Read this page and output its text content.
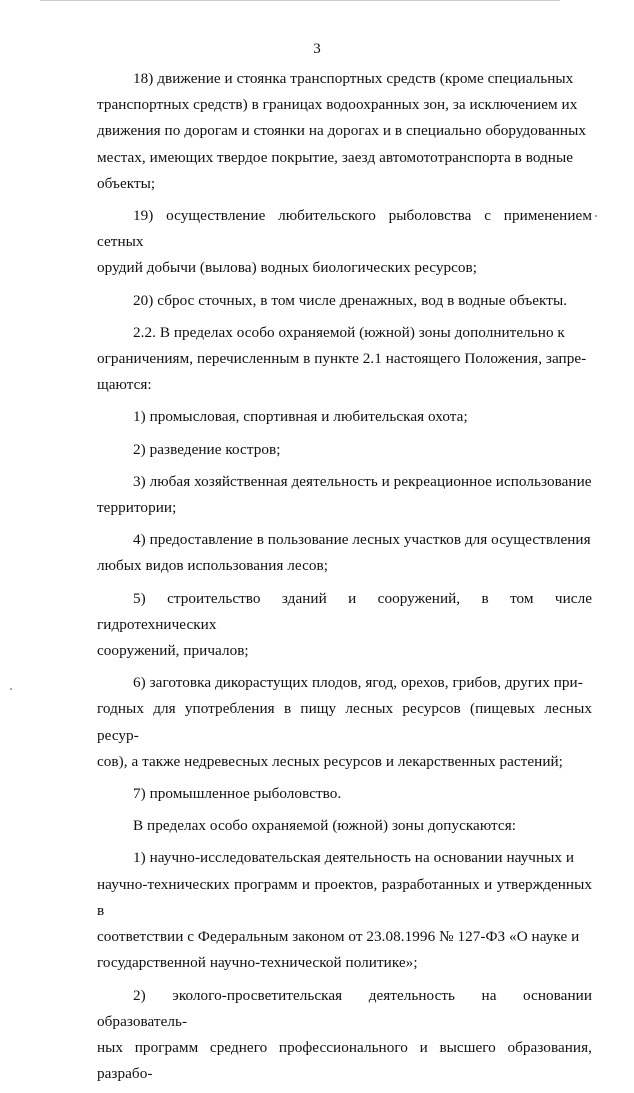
3

18) движение и стоянка транспортных средств (кроме специальных
транспортных средств) в границах водоохранных зон, за исключением их
движения по дорогам и стоянки на дорогах и в специально оборудованных
местах, имеющих твердое покрытие, заезд автомототранспорта в водные
объекты;

19) осуществление любительского рыболовства с применением сетных
орудий добычи (вылова) водных биологических ресурсов;

20) сброс сточных, в том числе дренажных, вод в водные объекты.

2.2. В пределах особо охраняемой (южной) зоны дополнительно к
ограничениям, перечисленным в пункте 2.1 настоящего Положения, запре-
щаются:

1) промысловая, спортивная и любительская охота;

2) разведение костров;

3) любая хозяйственная деятельность и рекреационное использование
территории;

4) предоставление в пользование лесных участков для осуществления
любых видов использования лесов;

5) строительство зданий и сооружений, в том числе гидротехнических
сооружений, причалов;

6) заготовка дикорастущих плодов, ягод, орехов, грибов, других при-
годных для употребления в пищу лесных ресурсов (пищевых лесных ресур-
сов), а также недревесных лесных ресурсов и лекарственных растений;

7) промышленное рыболовство.

В пределах особо охраняемой (южной) зоны допускаются:

1) научно-исследовательская деятельность на основании научных и
научно-технических программ и проектов, разработанных и утвержденных в
соответствии с Федеральным законом от 23.08.1996 № 127-ФЗ «О науке и
государственной научно-технической политике»;

2) эколого-просветительская деятельность на основании образователь-
ных программ среднего профессионального и высшего образования, разрабо-
